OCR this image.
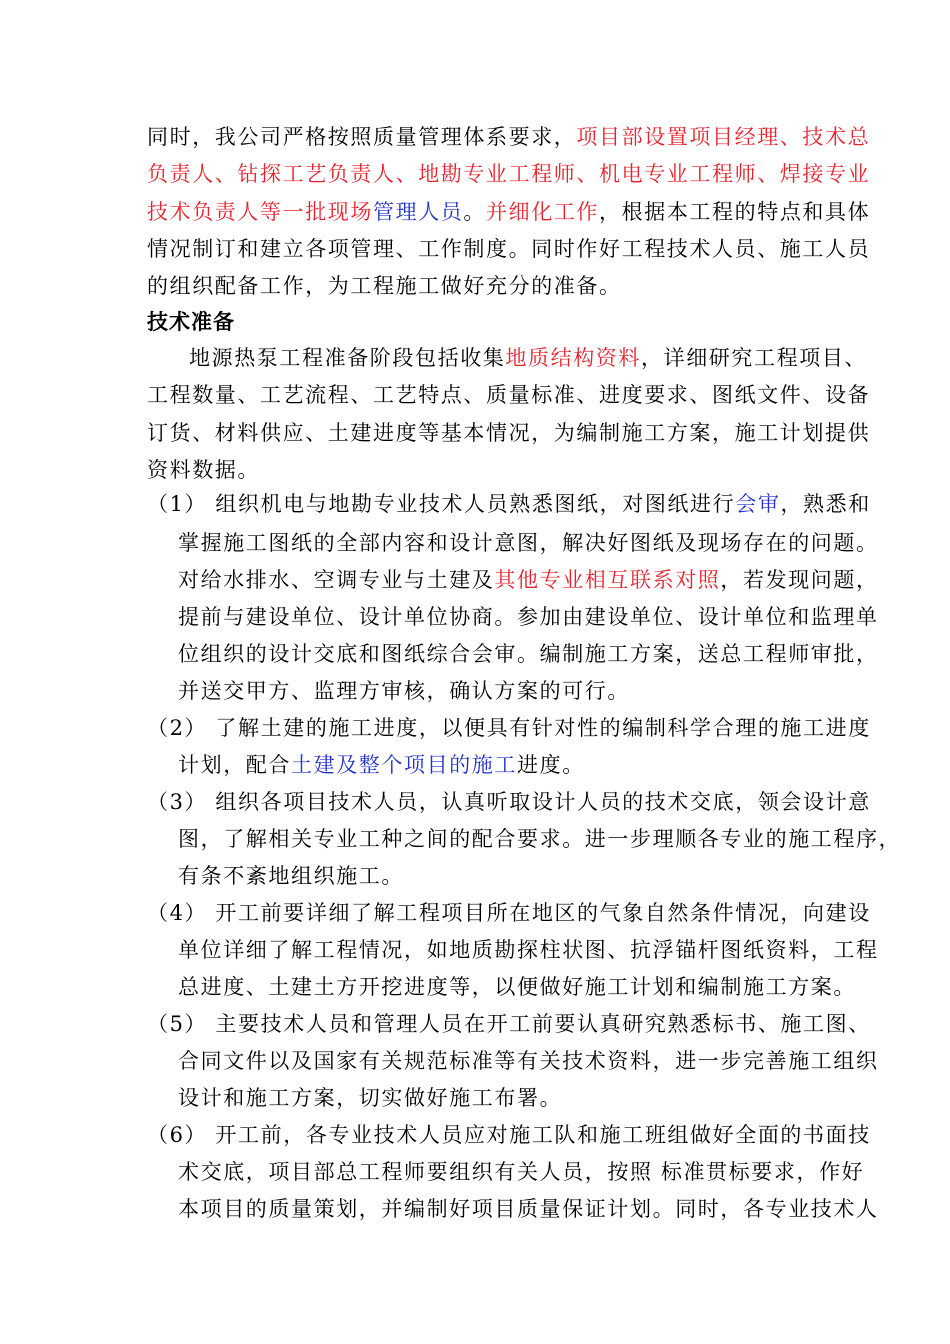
同时，我公司严格按照质量管理体系要求，项目部设置项目经理、技术总
负责人、钻探工艺负责人、地勘专业工程师、机电专业工程师、焊接专业
技术负责人等一批现场管理人员。并细化工作，根据本工程的特点和具体
情况制订和建立各项管理、工作制度。同时作好工程技术人员、施工人员
的组织配备工作，为工程施工做好充分的准备。
技术准备
地源热泵工程准备阶段包括收集地质结构资料，详细研究工程项目、
工程数量、工艺流程、工艺特点、质量标准、进度要求、图纸文件、设备
订货、材料供应、土建进度等基本情况，为编制施工方案，施工计划提供
资料数据。
（1） 组织机电与地勘专业技术人员熟悉图纸，对图纸进行会审，熟悉和
掌握施工图纸的全部内容和设计意图，解决好图纸及现场存在的问题。
对给水排水、空调专业与土建及其他专业相互联系对照，若发现问题，
提前与建设单位、设计单位协商。参加由建设单位、设计单位和监理单
位组织的设计交底和图纸综合会审。编制施工方案，送总工程师审批，
并送交甲方、监理方审核，确认方案的可行。
（2） 了解土建的施工进度，以便具有针对性的编制科学合理的施工进度
计划，配合土建及整个项目的施工进度。
（3） 组织各项目技术人员，认真听取设计人员的技术交底，领会设计意
图，了解相关专业工种之间的配合要求。进一步理顺各专业的施工程序，
有条不紊地组织施工。
（4） 开工前要详细了解工程项目所在地区的气象自然条件情况，向建设
单位详细了解工程情况，如地质勘探柱状图、抗浮锚杆图纸资料，工程
总进度、土建土方开挖进度等，以便做好施工计划和编制施工方案。
（5） 主要技术人员和管理人员在开工前要认真研究熟悉标书、施工图、
合同文件以及国家有关规范标准等有关技术资料，进一步完善施工组织
设计和施工方案，切实做好施工布署。
（6） 开工前，各专业技术人员应对施工队和施工班组做好全面的书面技
术交底，项目部总工程师要组织有关人员，按照 标准贯标要求，作好
本项目的质量策划，并编制好项目质量保证计划。同时，各专业技术人
